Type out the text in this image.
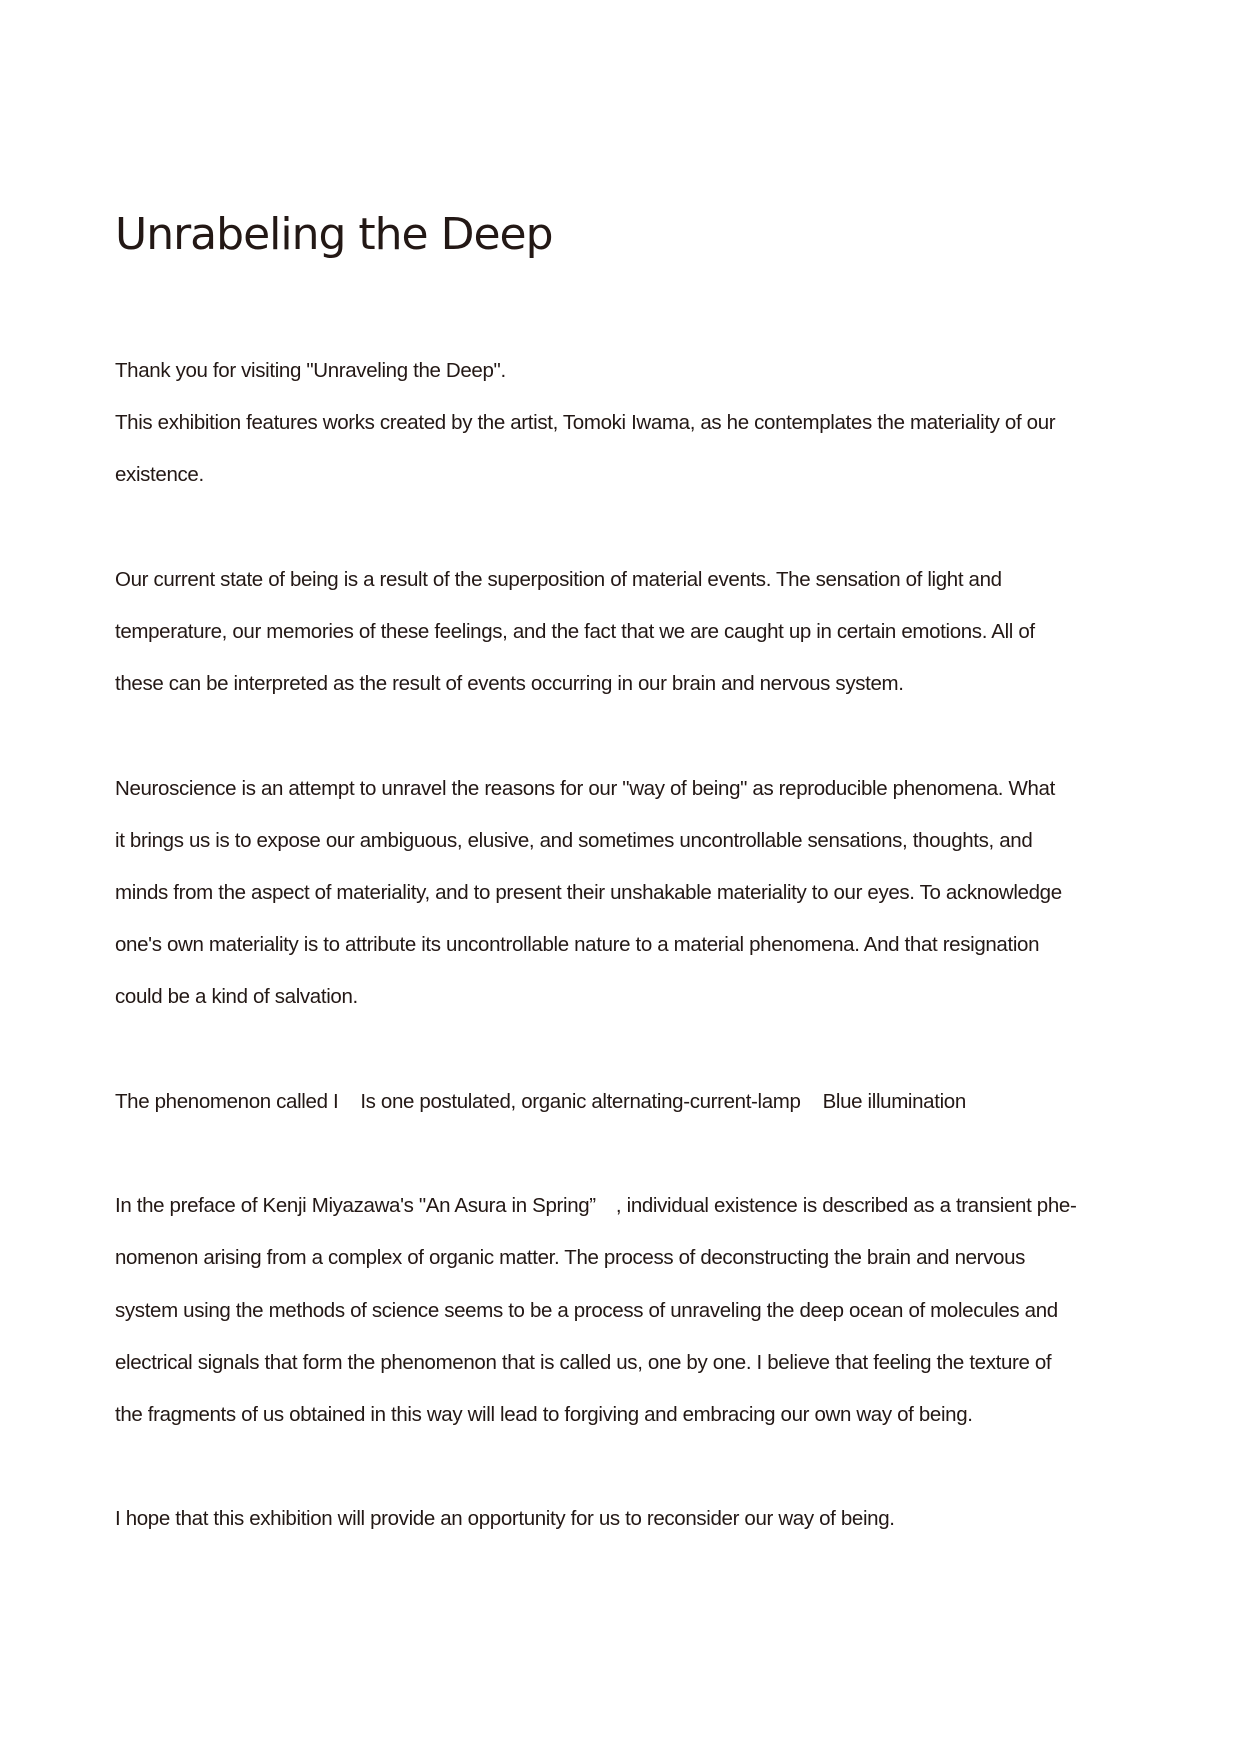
Unrabeling the Deep

Thank you for visiting "Unraveling the Deep".
This exhibition features works created by the artist, Tomoki Iwama, as he contemplates the materiality of our
existence.

Our current state of being is a result of the superposition of material events. The sensation of light and
temperature, our memories of these feelings, and the fact that we are caught up in certain emotions. All of
these can be interpreted as the result of events occurring in our brain and nervous system.

Neuroscience is an attempt to unravel the reasons for our "way of being" as reproducible phenomena. What
it brings us is to expose our ambiguous, elusive, and sometimes uncontrollable sensations, thoughts, and
minds from the aspect of materiality, and to present their unshakable materiality to our eyes. To acknowledge
one's own materiality is to attribute its uncontrollable nature to a material phenomena. And that resignation
could be a kind of salvation.

The phenomenon called I Is one postulated, organic alternating-current-lamp Blue illumination

In the preface of Kenji Miyazawa's "An Asura in Spring”　, individual existence is described as a transient phe-
nomenon arising from a complex of organic matter. The process of deconstructing the brain and nervous
system using the methods of science seems to be a process of unraveling the deep ocean of molecules and
electrical signals that form the phenomenon that is called us, one by one. I believe that feeling the texture of
the fragments of us obtained in this way will lead to forgiving and embracing our own way of being.

I hope that this exhibition will provide an opportunity for us to reconsider our way of being.
